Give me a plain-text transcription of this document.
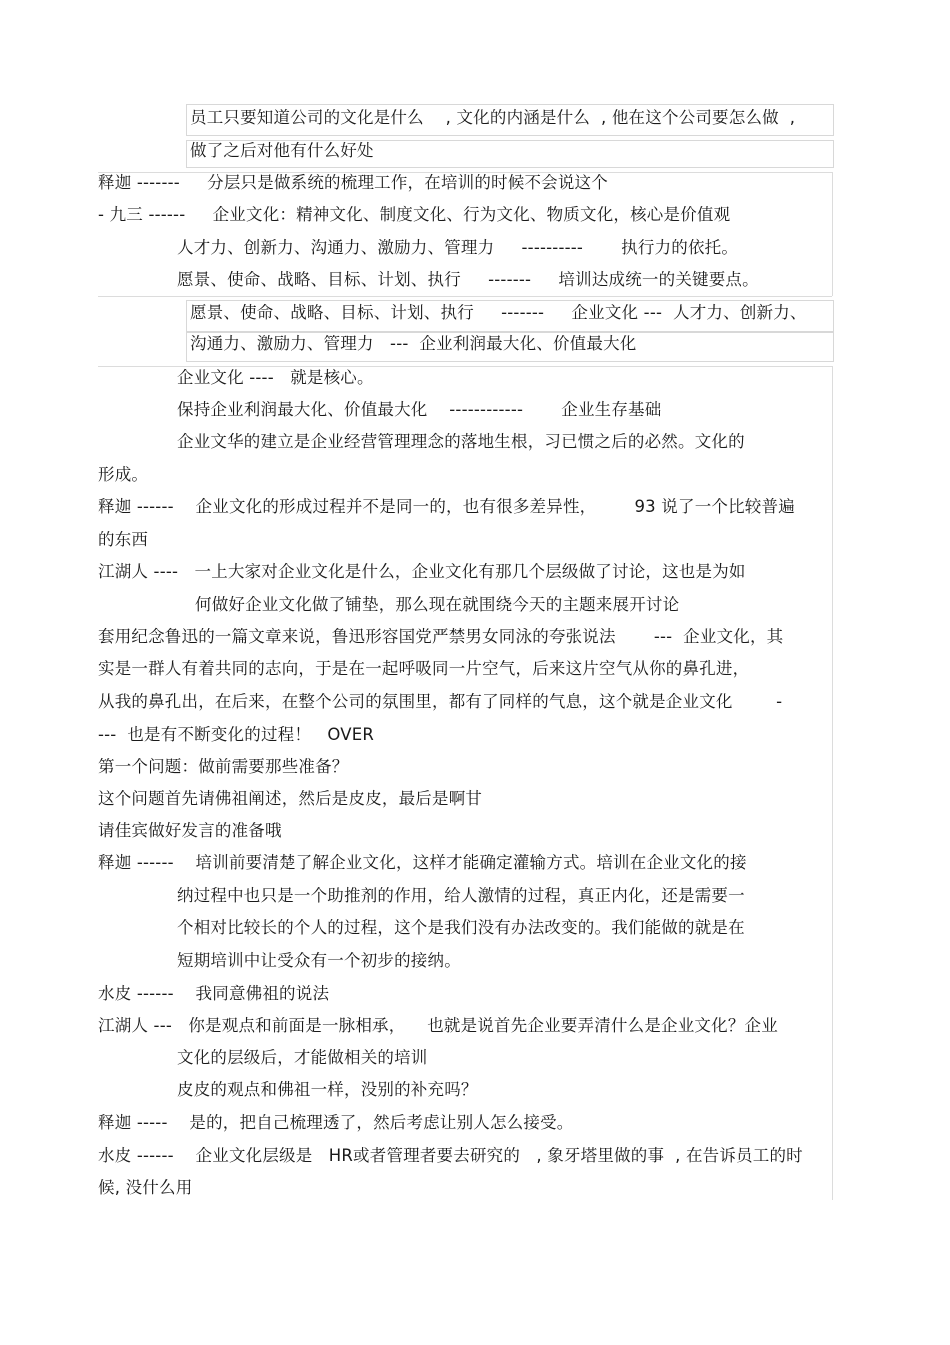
员工只要知道公司的文化是什么    , 文化的内涵是什么  , 他在这个公司要怎么做  ,
做了之后对他有什么好处
释迦 -------     分层只是做系统的梳理工作，在培训的时候不会说这个
- 九三 ------     企业文化：精神文化、制度文化、行为文化、物质文化，核心是价值观
人才力、创新力、沟通力、激励力、管理力     ----------       执行力的依托。
愿景、使命、战略、目标、计划、执行     -------     培训达成统一的关键要点。
愿景、使命、战略、目标、计划、执行     -------     企业文化 ---  人才力、创新力、
沟通力、激励力、管理力   ---  企业利润最大化、价值最大化
企业文化 ----   就是核心。
保持企业利润最大化、价值最大化    ------------       企业生存基础
企业文华的建立是企业经营管理理念的落地生根，习已惯之后的必然。文化的
形成。
释迦 ------    企业文化的形成过程并不是同一的，也有很多差异性，       93 说了一个比较普遍
的东西
江湖人 ----   一上大家对企业文化是什么，企业文化有那几个层级做了讨论，这也是为如
何做好企业文化做了铺垫，那么现在就围绕今天的主题来展开讨论
套用纪念鲁迅的一篇文章来说，鲁迅形容国党严禁男女同泳的夸张说法       ---  企业文化，其
实是一群人有着共同的志向，于是在一起呼吸同一片空气，后来这片空气从你的鼻孔进，
从我的鼻孔出，在后来，在整个公司的氛围里，都有了同样的气息，这个就是企业文化        -
---  也是有不断变化的过程！   OVER
第一个问题：做前需要那些准备？
这个问题首先请佛祖阐述，然后是皮皮，最后是啊甘
请佳宾做好发言的准备哦
释迦 ------    培训前要清楚了解企业文化，这样才能确定灌输方式。培训在企业文化的接
纳过程中也只是一个助推剂的作用，给人激情的过程，真正内化，还是需要一
个相对比较长的个人的过程，这个是我们没有办法改变的。我们能做的就是在
短期培训中让受众有一个初步的接纳。
水皮 ------    我同意佛祖的说法
江湖人 ---   你是观点和前面是一脉相承，    也就是说首先企业要弄清什么是企业文化？企业
文化的层级后，才能做相关的培训
皮皮的观点和佛祖一样，没别的补充吗？
释迦 -----    是的，把自己梳理透了，然后考虑让别人怎么接受。
水皮 ------    企业文化层级是   HR或者管理者要去研究的   , 象牙塔里做的事  , 在告诉员工的时
候, 没什么用
